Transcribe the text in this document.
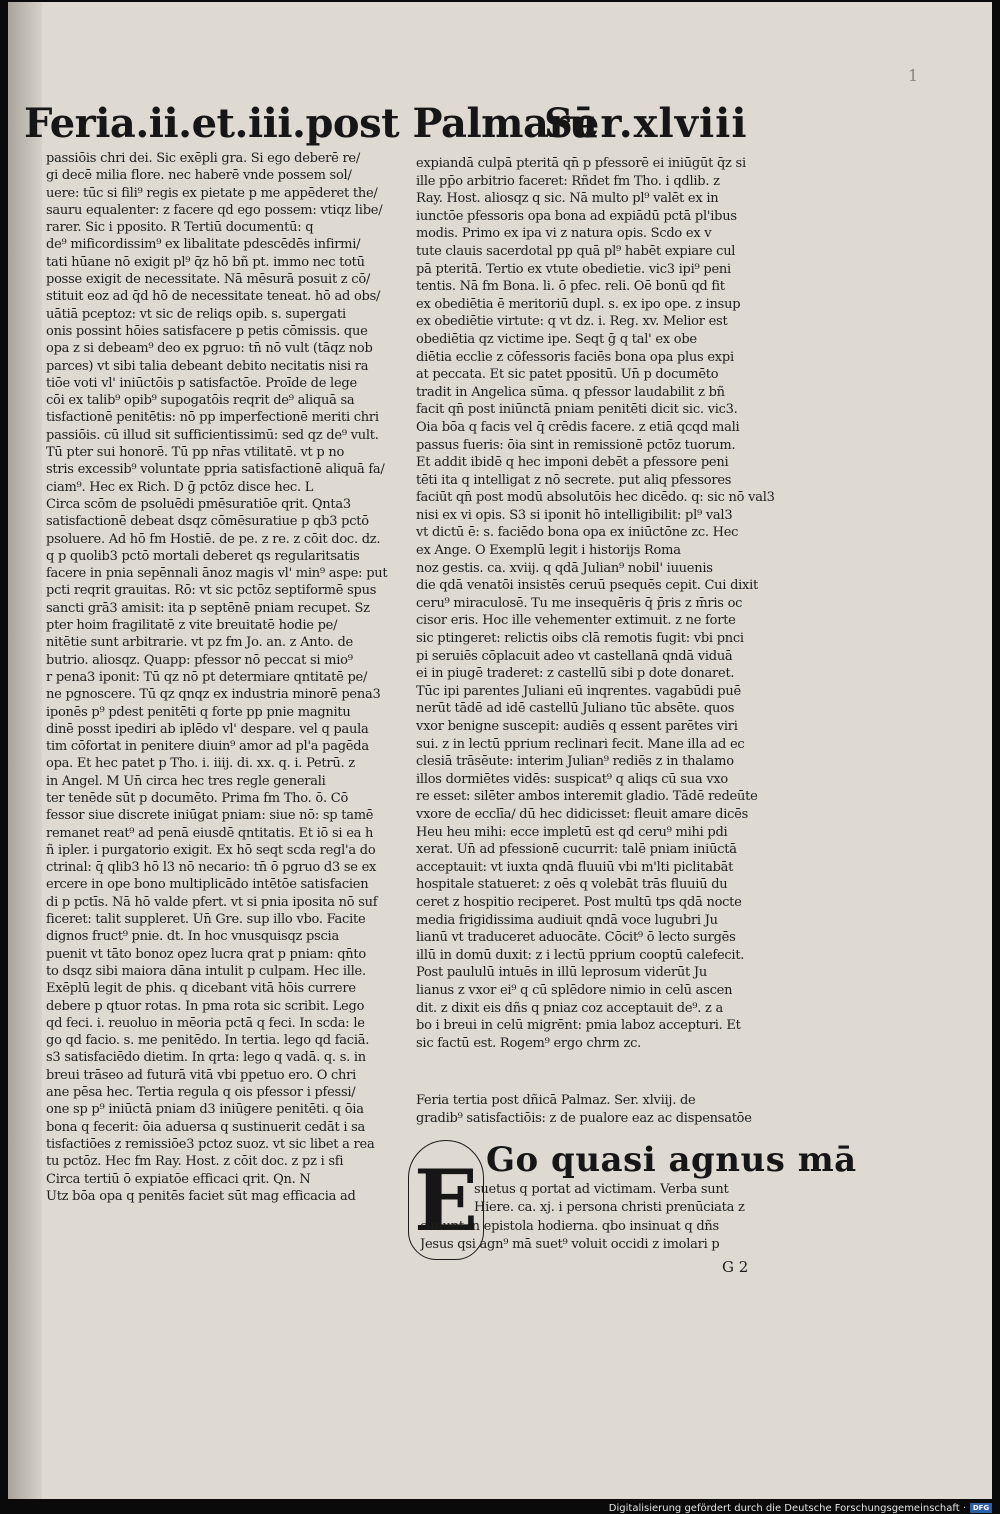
1
Feria.ii.et.iii.post Palmarū
Ser.xlviii
passiōis chri dei. Sic exēpli gra. Si ego deberē re/
gi decē milia flore. nec haberē vnde possem sol/
uere: tūc si fili⁹ regis ex pietate p me appēderet the/
sauru equalenter: z facere qd ego possem: vtiqz libe/
rarer. Sic i pposito. R Tertiū documentū: q
de⁹ mificordissim⁹ ex libalitate pdescēdēs infirmi/
tati hūane nō exigit pl⁹ q̄z hō bñ pt. immo nec totū
posse exigit de necessitate. Nā mēsurā posuit z cō/
stituit eoz ad q̄d hō de necessitate teneat. hō ad obs/
uātiā pceptoz: vt sic de reliqs opib. s. supergati
onis possint hōies satisfacere p petis cōmissis. que
opa z si debeam⁹ deo ex pgruo: tn̄ nō vult (tāqz nob
parces) vt sibi talia debeant debito necitatis nisi ra
tiōe voti vl' iniūctōis p satisfactōe. Proīde de lege
cōi ex talib⁹ opib⁹ supogatōis reqrit de⁹ aliquā sa
tisfactionē penitētis: nō pp imperfectionē meriti chri
passiōis. cū illud sit sufficientissimū: sed qz de⁹ vult.
Tū pter sui honorē. Tū pp nr̄as vtilitatē. vt p no
stris excessib⁹ voluntate ppria satisfactionē aliquā fa/
ciam⁹. Hec ex Rich. D ḡ pctōz disce hec. L
Circa scōm de psoluēdi pmēsuratiōe qrit. Qnta3
satisfactionē debeat dsqz cōmēsuratiue p qb3 pctō
psoluere. Ad hō fm Hostiē. de pe. z re. z cōit doc. dz.
q p quolib3 pctō mortali deberet qs regularitsatis
facere in pnia sepēnnali ānoz magis vl' min⁹ aspe: put
pcti reqrit grauitas. Rō: vt sic pctōz septiformē spus
sancti grā3 amisit: ita p septēnē pniam recupet. Sz
pter hoim fragilitatē z vite breuitatē hodie pe/
nitētie sunt arbitrarie. vt pz fm Jo. an. z Anto. de
butrio. aliosqz. Quapp: pfessor nō peccat si mio⁹
r pena3 iponit: Tū qz nō pt determiare qntitatē pe/
ne pgnoscere. Tū qz qnqz ex industria minorē pena3
iponēs p⁹ pdest penitēti q forte pp pnie magnitu
dinē posst ipediri ab iplēdo vl' despare. vel q paula
tim cōfortat in penitere diuin⁹ amor ad pl'a pagēda
opa. Et hec patet p Tho. i. iiij. di. xx. q. i. Petrū. z
in Angel. M Un̄ circa hec tres regle generali
ter tenēde sūt p documēto. Prima fm Tho. ō. Cō
fessor siue discrete iniūgat pniam: siue nō: sp tamē
remanet reat⁹ ad penā eiusdē qntitatis. Et iō si ea h
ñ ipler. i purgatorio exigit. Ex hō seqt scda regl'a do
ctrinal: q̄ qlib3 hō l3 nō necario: tn̄ ō pgruo d3 se ex
ercere in ope bono multiplicādo intētōe satisfacien
di p pctīs. Nā hō valde pfert. vt si pnia iposita nō suf
ficeret: talit suppleret. Un̄ Gre. sup illo vbo. Facite
dignos fruct⁹ pnie. dt. In hoc vnusquisqz pscia
puenit vt tāto bonoz opez lucra qrat p pniam: qn̄to
to dsqz sibi maiora dāna intulit p culpam. Hec ille.
Exēplū legit de phis. q dicebant vitā hōis currere
debere p qtuor rotas. In pma rota sic scribit. Lego
qd feci. i. reuoluo in mēoria pctā q feci. In scda: le
go qd facio. s. me penitēdo. In tertia. lego qd faciā.
s3 satisfaciēdo dietim. In qrta: lego q vadā. q. s. in
breui trāseo ad futurā vitā vbi ppetuo ero. O chri
ane pēsa hec. Tertia regula q ois pfessor i pfessi/
one sp p⁹ iniūctā pniam d3 iniūgere penitēti. q ōia
bona q fecerit: ōia aduersa q sustinuerit cedāt i sa
tisfactiōes z remissiōe3 pctoz suoz. vt sic libet a rea
tu pctōz. Hec fm Ray. Host. z cōit doc. z pz i sfi
Circa tertiū ō expiatōe efficaci qrit. Qn. N
Utz bōa opa q penitēs faciet sūt mag efficacia ad
expiandā culpā pteritā qn̄ p pfessorē ei iniūgūt q̄z si
ille pp̄o arbitrio faceret: Rñdet fm Tho. i qdlib. z
Ray. Host. aliosqz q sic. Nā multo pl⁹ valēt ex in
iunctōe pfessoris opa bona ad expiādū pctā pl'ibus
modis. Primo ex ipa vi z natura opis. Scdo ex v
tute clauis sacerdotal pp quā pl⁹ habēt expiare cul
pā pteritā. Tertio ex vtute obedietie. vic3 ipi⁹ peni
tentis. Nā fm Bona. li. ō pfec. reli. Oē bonū qd fit
ex obediētia ē meritoriū dupl. s. ex ipo ope. z insup
ex obediētie virtute: q vt dz. i. Reg. xv. Melior est
obediētia qz victime ipe. Seqt ḡ q tal' ex obe
diētia ecclie z cōfessoris faciēs bona opa plus expi
at peccata. Et sic patet ppositū. Un̄ p documēto
tradit in Angelica sūma. q pfessor laudabilit z bñ
facit qn̄ post iniūnctā pniam penitēti dicit sic. vic3.
Oia bōa q facis vel q̄ crēdis facere. z etiā qcqd mali
passus fueris: ōia sint in remissionē pctōz tuorum.
Et addit ibidē q hec imponi debēt a pfessore peni
tēti ita q intelligat z nō secrete. put aliq pfessores
faciūt qn̄ post modū absolutōis hec dicēdo. q: sic nō val3
nisi ex vi opis. S3 si iponit hō intelligibilit: pl⁹ val3
vt dictū ē: s. faciēdo bona opa ex iniūctōne zc. Hec
ex Ange. O Exemplū legit i historijs Roma
noz gestis. ca. xviij. q qdā Julian⁹ nobil' iuuenis
die qdā venatōi insistēs ceruū psequēs cepit. Cui dixit
ceru⁹ miraculosē. Tu me insequēris q̄ p̄ris z m̄ris oc
cisor eris. Hoc ille vehementer extimuit. z ne forte
sic ptingeret: relictis oibs clā remotis fugit: vbi pnci
pi seruiēs cōplacuit adeo vt castellanā qndā viduā
ei in piugē traderet: z castellū sibi p dote donaret.
Tūc ipi parentes Juliani eū inqrentes. vagabūdi puē
nerūt tādē ad idē castellū Juliano tūc absēte. quos
vxor benigne suscepit: audiēs q essent parētes viri
sui. z in lectū pprium reclinari fecit. Mane illa ad ec
clesiā trāsēute: interim Julian⁹ rediēs z in thalamo
illos dormiētes vidēs: suspicat⁹ q aliqs cū sua vxo
re esset: silēter ambos interemit gladio. Tādē redeūte
vxore de ecclīa/ dū hec didicisset: fleuit amare dicēs
Heu heu mihi: ecce impletū est qd ceru⁹ mihi pdi
xerat. Un̄ ad pfessionē cucurrit: talē pniam iniūctā
acceptauit: vt iuxta qndā fluuiū vbi m'lti piclitabāt
hospitale statueret: z oēs q volebāt trās fluuiū du
ceret z hospitio reciperet. Post multū tps qdā nocte
media frigidissima audiuit qndā voce lugubri Ju
lianū vt traduceret aduocāte. Cōcit⁹ ō lecto surgēs
illū in domū duxit: z i lectū pprium cooptū calefecit.
Post paululū intuēs in illū leprosum viderūt Ju
lianus z vxor ei⁹ q cū splēdore nimio in celū ascen
dit. z dixit eis dñs q pniaz coz acceptauit de⁹. z a
bo i breui in celū migrēnt: pmia laboz accepturi. Et
sic factū est. Rogem⁹ ergo chrm zc.
Feria tertia post dñicā Palmaz. Ser. xlviij. de
gradib⁹ satisfactiōis: z de pualore eaz ac dispensatōe
E Go quasi agnus mā
suetus q portat ad victimam. Verba sunt
Hiere. ca. xj. i persona christi prenūciata z
canunt in epistola hodierna. qbo insinuat q dñs
Jesus qsi agn⁹ mā suet⁹ voluit occidi z imolari p
G 2
Digitalisierung gefördert durch die Deutsche Forschungsgemeinschaft · DFG
